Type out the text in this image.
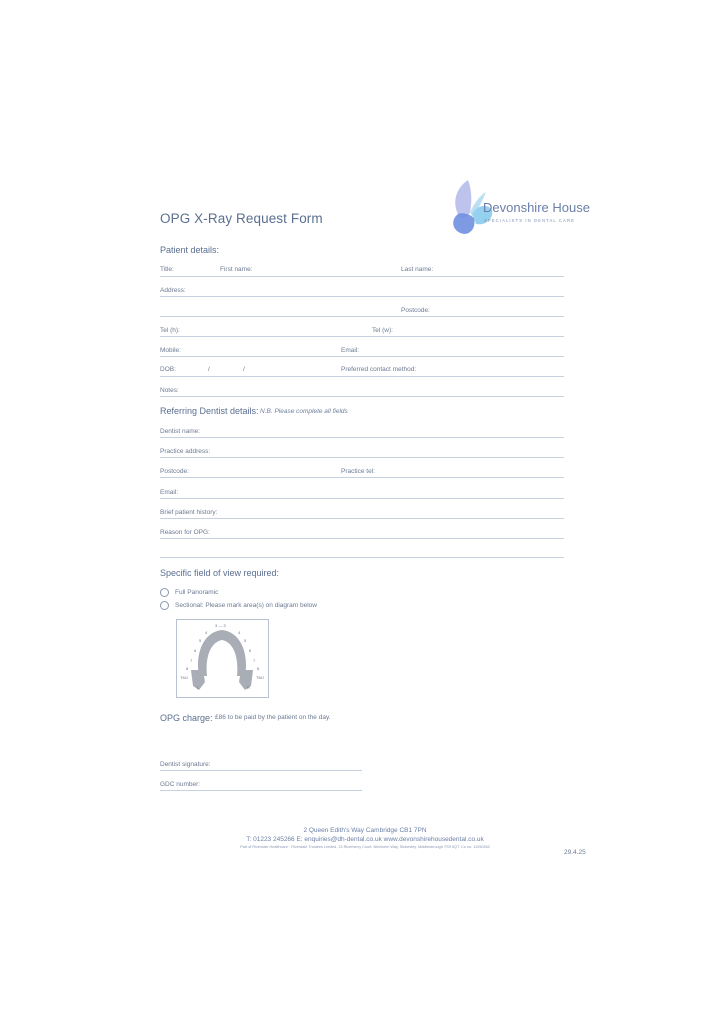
OPG X-Ray Request Form
Devonshire House
SPECIALISTS IN DENTAL CARE
Patient details:
Title:	First name:	Last name:
Address:
Postcode:
Tel (h):	Tel (w):
Mobile:	Email:
DOB:	/	/	Preferred contact method:
Notes:
Referring Dentist details: N.B. Please complete all fields
Dentist name:
Practice address:
Postcode:	Practice tel:
Email:
Brief patient history:
Reason for OPG:
Specific field of view required:
Full Panoramic
Sectional: Please mark area(s) on diagram below
3 — 3
4
5
6
7
8
4
5
6
7
8
TMJ	TMJ
L	R
OPG charge: £86 to be paid by the patient on the day.
Dentist signature:
GDC number:
2 Queen Edith's Way Cambridge CB1 7PN
T: 01223 245266 E: enquiries@dh-dental.co.uk www.devonshirehousedental.co.uk
Part of Riverdale Healthcare · Riverdale Trustees Limited, 13 Riverberry Court, Blenheim Way, Stokesley, Middlesbrough TS9 5QT. Co no. 11050462
29.4.25
